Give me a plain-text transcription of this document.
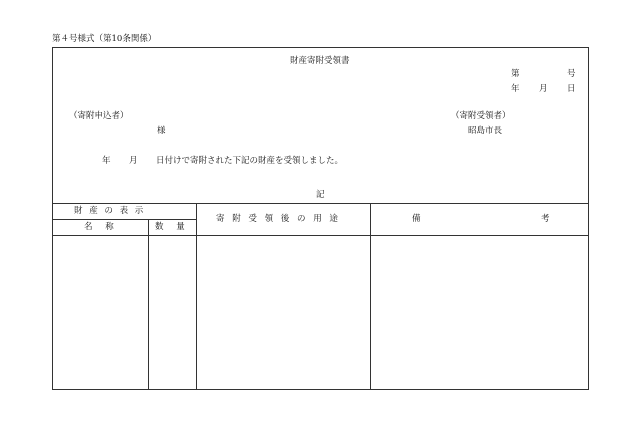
第４号様式（第10条関係）
財産寄附受領書
第	号
年 月 日
（寄附申込者）
様
（寄附受領者）
昭島市長
年 月 日付けで寄附された下記の財産を受領しました。
記
財 産 の 表 示
名 称	数 量
寄 附 受 領 後 の 用 途	備	考
